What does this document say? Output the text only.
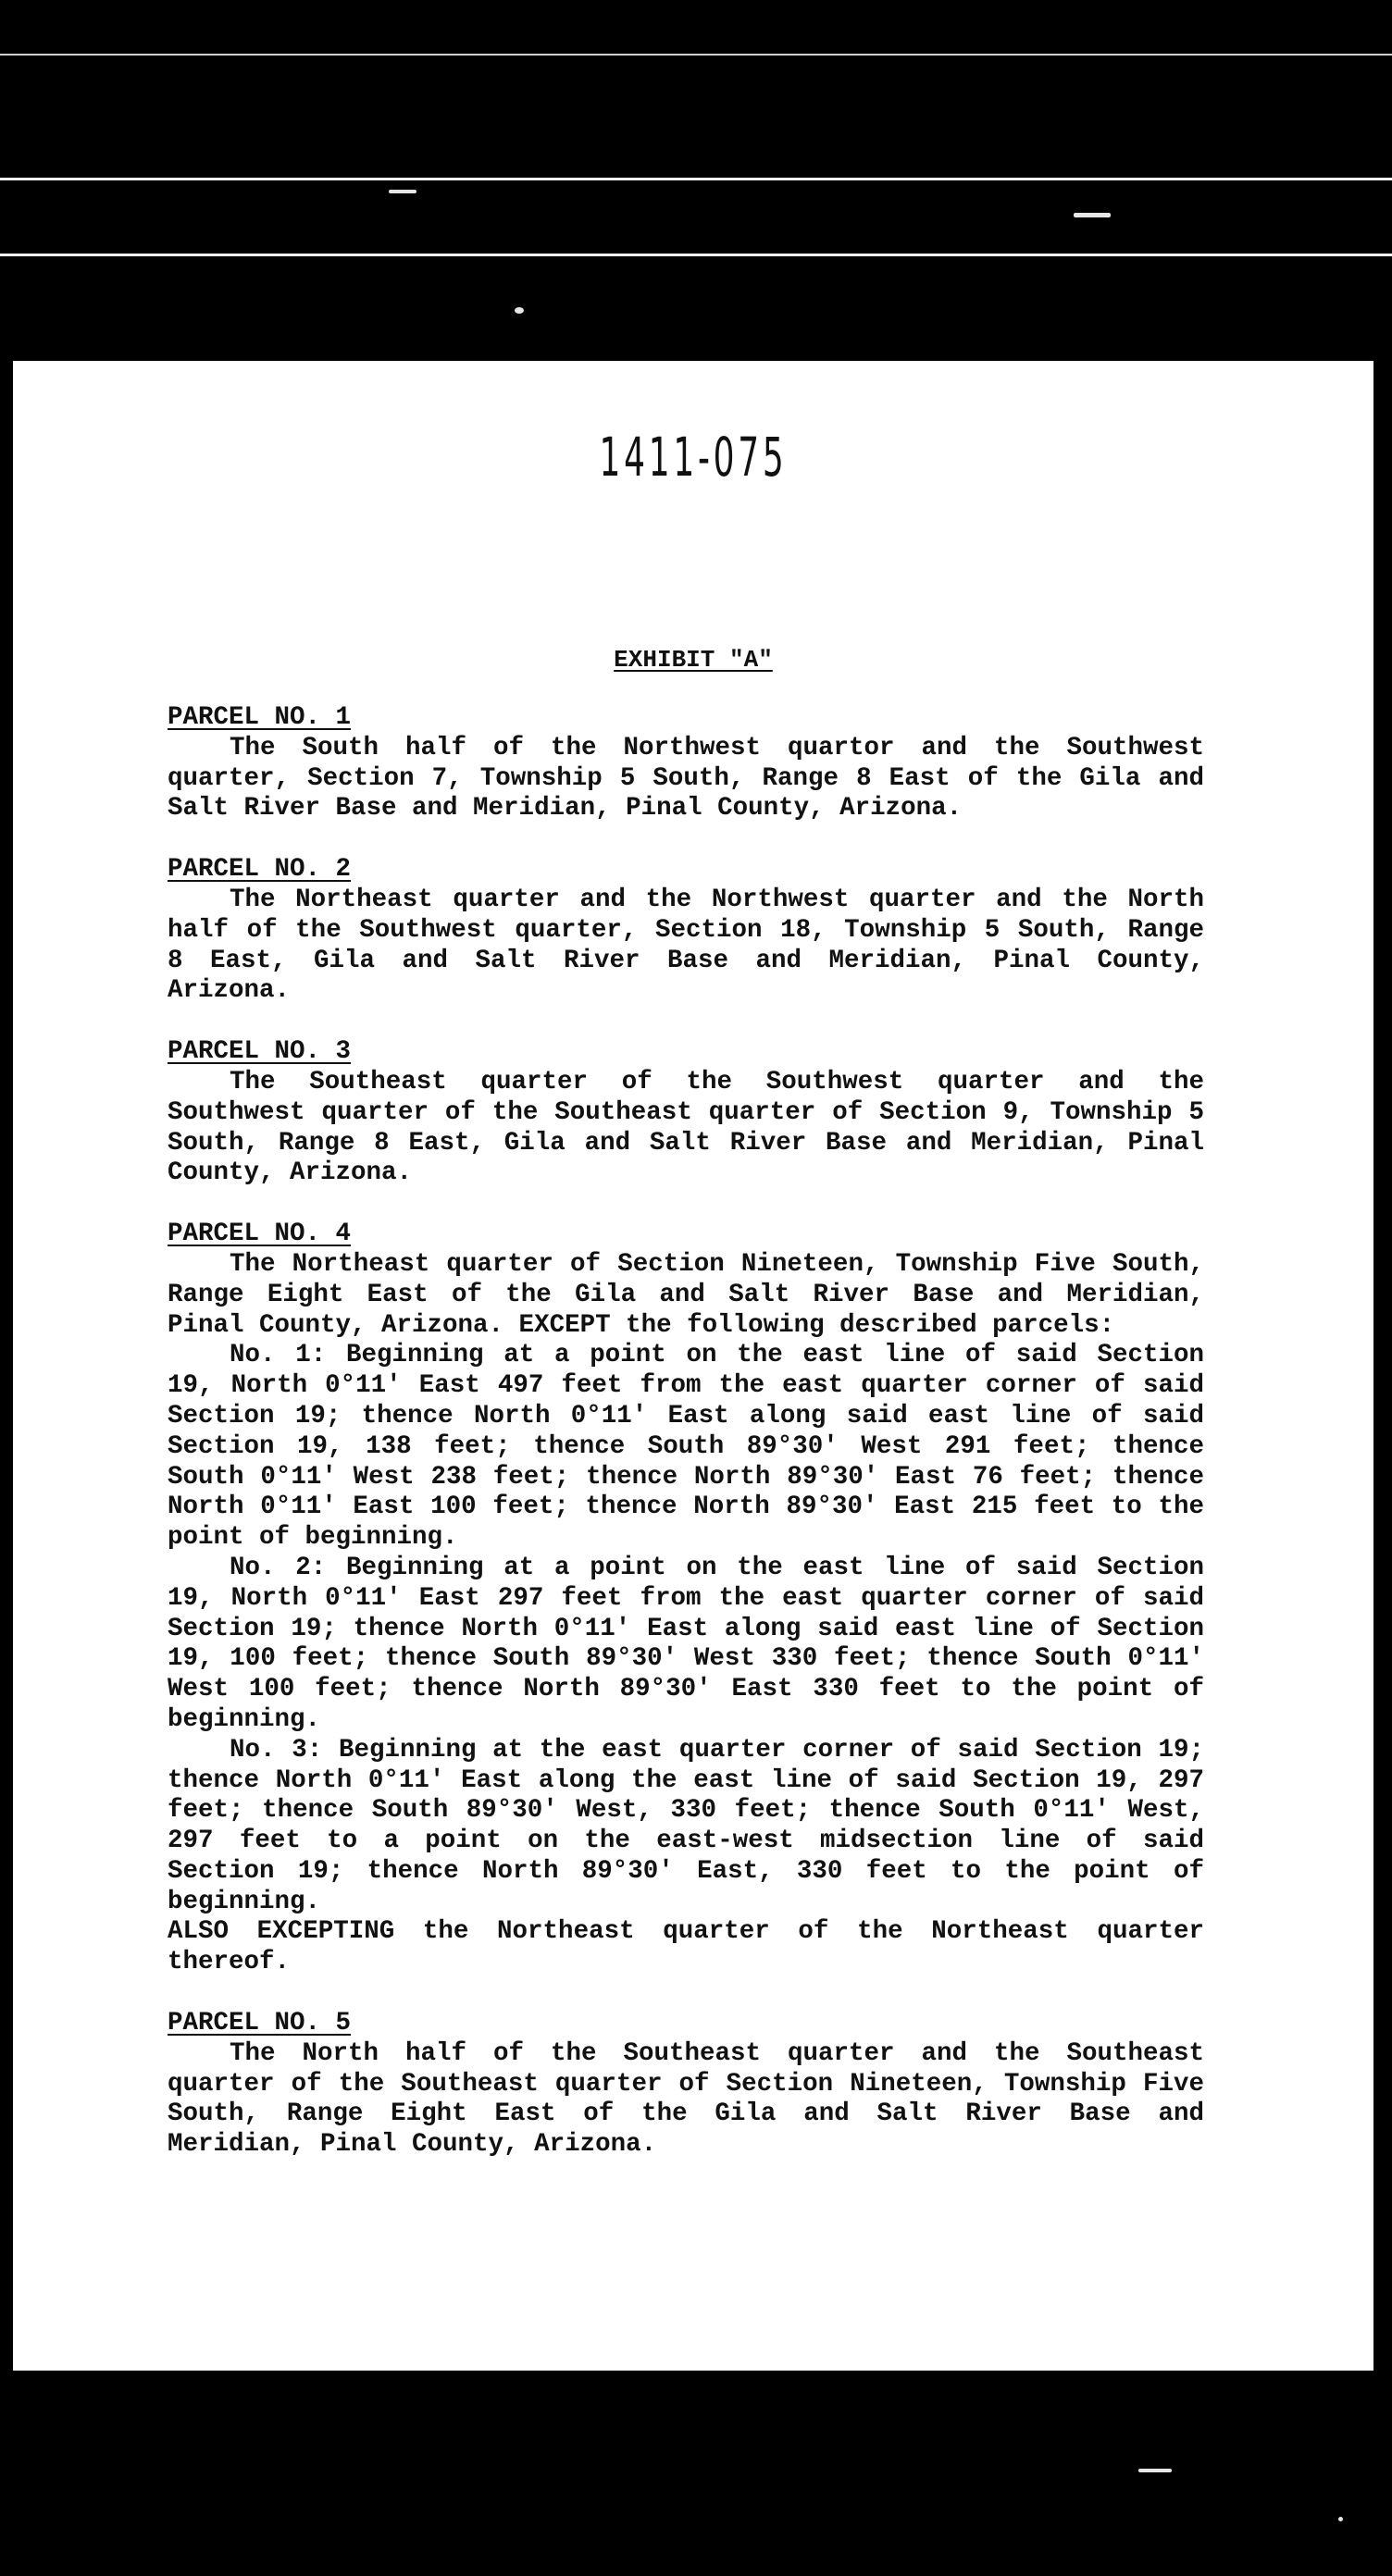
1411-075
EXHIBIT "A"
PARCEL NO. 1

The South half of the Northwest quartor and the Southwest quarter, Section 7, Township 5 South, Range 8 East of the Gila and Salt River Base and Meridian, Pinal County, Arizona.

PARCEL NO. 2

The Northeast quarter and the Northwest quarter and the North half of the Southwest quarter, Section 18, Township 5 South, Range 8 East, Gila and Salt River Base and Meridian, Pinal County, Arizona.

PARCEL NO. 3

The Southeast quarter of the Southwest quarter and the Southwest quarter of the Southeast quarter of Section 9, Township 5 South, Range 8 East, Gila and Salt River Base and Meridian, Pinal County, Arizona.

PARCEL NO. 4

The Northeast quarter of Section Nineteen, Township Five South, Range Eight East of the Gila and Salt River Base and Meridian, Pinal County, Arizona. EXCEPT the following described parcels:

No. 1: Beginning at a point on the east line of said Section 19, North 0°11' East 497 feet from the east quarter corner of said Section 19; thence North 0°11' East along said east line of said Section 19, 138 feet; thence South 89°30' West 291 feet; thence South 0°11' West 238 feet; thence North 89°30' East 76 feet; thence North 0°11' East 100 feet; thence North 89°30' East 215 feet to the point of beginning.

No. 2: Beginning at a point on the east line of said Section 19, North 0°11' East 297 feet from the east quarter corner of said Section 19; thence North 0°11' East along said east line of Section 19, 100 feet; thence South 89°30' West 330 feet; thence South 0°11' West 100 feet; thence North 89°30' East 330 feet to the point of beginning.

No. 3: Beginning at the east quarter corner of said Section 19; thence North 0°11' East along the east line of said Section 19, 297 feet; thence South 89°30' West, 330 feet; thence South 0°11' West, 297 feet to a point on the east-west midsection line of said Section 19; thence North 89°30' East, 330 feet to the point of beginning.

ALSO EXCEPTING the Northeast quarter of the Northeast quarter thereof.

PARCEL NO. 5

The North half of the Southeast quarter and the Southeast quarter of the Southeast quarter of Section Nineteen, Township Five South, Range Eight East of the Gila and Salt River Base and Meridian, Pinal County, Arizona.
